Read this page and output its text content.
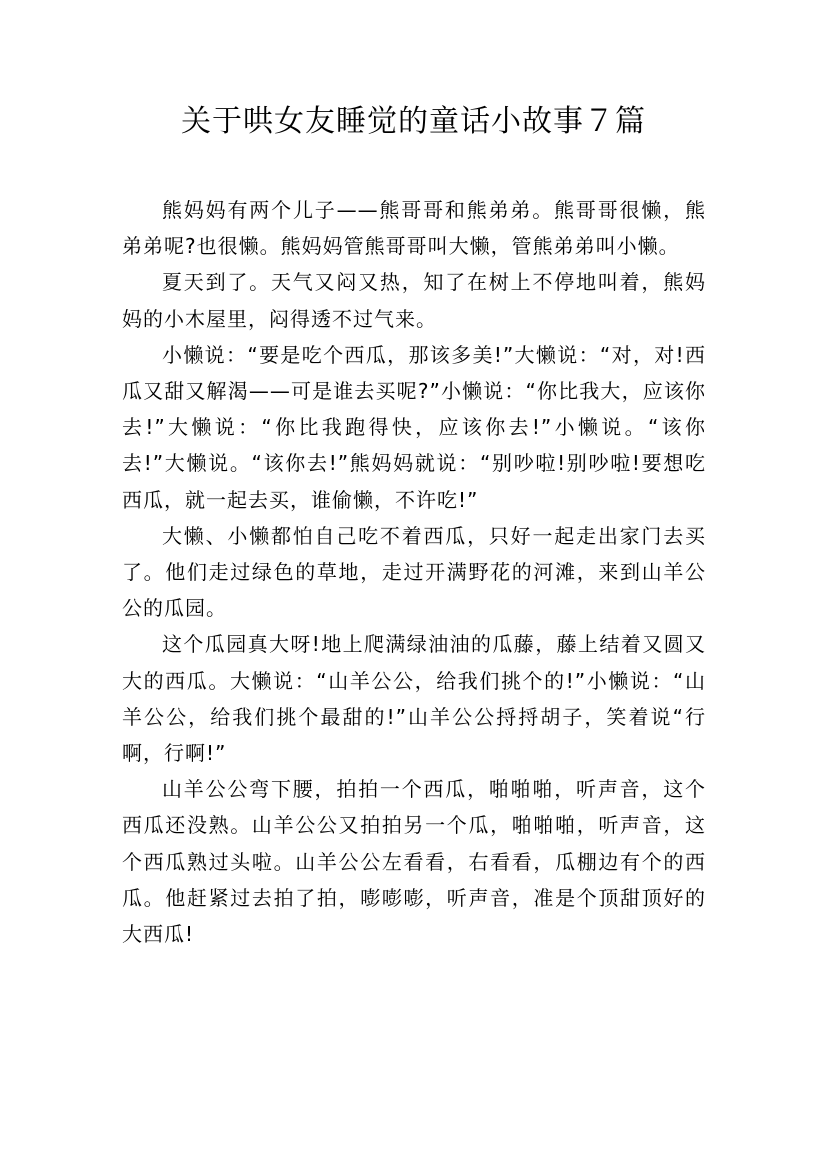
关于哄女友睡觉的童话小故事７篇

熊妈妈有两个儿子——熊哥哥和熊弟弟。熊哥哥很懒，熊弟弟呢?也很懒。熊妈妈管熊哥哥叫大懒，管熊弟弟叫小懒。

夏天到了。天气又闷又热，知了在树上不停地叫着，熊妈妈的小木屋里，闷得透不过气来。

小懒说：“要是吃个西瓜，那该多美!”大懒说：“对，对!西瓜又甜又解渴——可是谁去买呢?”小懒说：“你比我大，应该你去!”大懒说：“你比我跑得快，应该你去!”小懒说。“该你去!”大懒说。“该你去!”熊妈妈就说：“别吵啦!别吵啦!要想吃西瓜，就一起去买，谁偷懒，不许吃!”

大懒、小懒都怕自己吃不着西瓜，只好一起走出家门去买了。他们走过绿色的草地，走过开满野花的河滩，来到山羊公公的瓜园。

这个瓜园真大呀!地上爬满绿油油的瓜藤，藤上结着又圆又大的西瓜。大懒说：“山羊公公，给我们挑个的!”小懒说：“山羊公公，给我们挑个最甜的!”山羊公公捋捋胡子，笑着说“行啊，行啊!”

山羊公公弯下腰，拍拍一个西瓜，啪啪啪，听声音，这个西瓜还没熟。山羊公公又拍拍另一个瓜，啪啪啪，听声音，这个西瓜熟过头啦。山羊公公左看看，右看看，瓜棚边有个的西瓜。他赶紧过去拍了拍，嘭嘭嘭，听声音，准是个顶甜顶好的大西瓜!
